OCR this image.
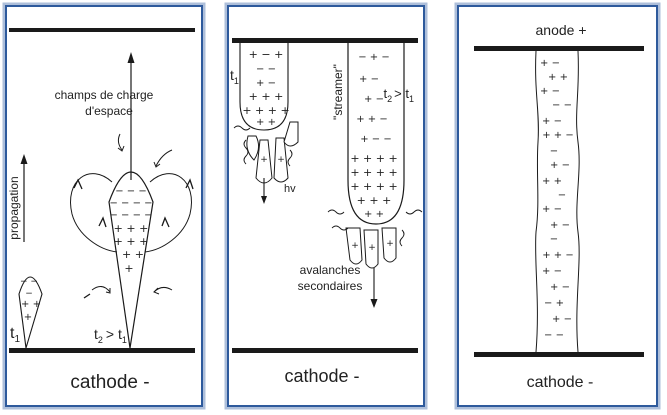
cathode -
propagation
− −
−
+ +
+
$t_1$
− − −
− − − −
− − − −
+ + +
+ + +
+ +
+
champs de charge
d'espace
$t_2 > t_1$
cathode -
$t_1$
+ − +
− −
+ −
+ + +
+ + + +
+ +
+ +
hv
"streamer"
− + −
+ −
+ −
+ + −
+ − −
+ + + +
+ + + +
+ + + +
+ + +
+ +
$t_2 > t_1$
+ + +
avalanches
secondaires
anode +
cathode -
+ −
+ +
+ −
− −
+ −
+ + −
−
+ −
+ +
−
+ −
+ −
−
+ + −
+ −
+ −
− +
+ −
− −
